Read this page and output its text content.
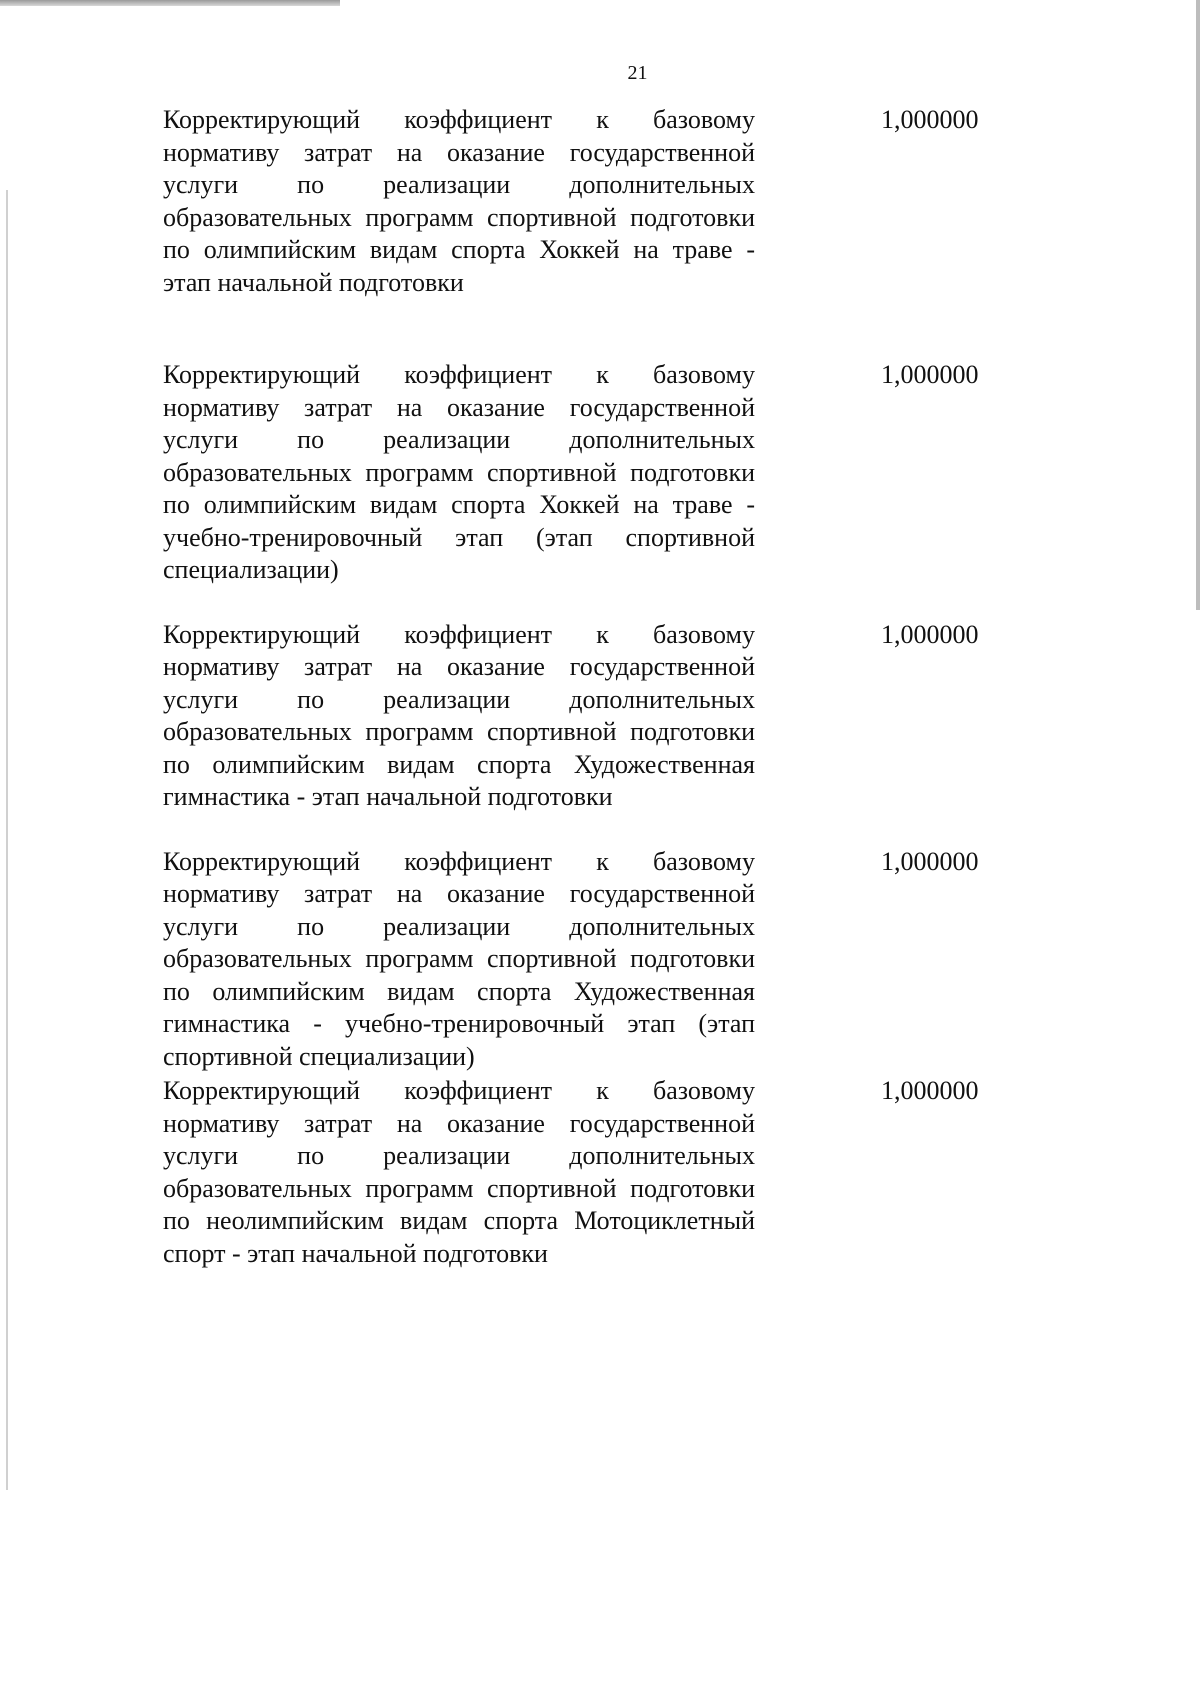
21
Корректирующий коэффициент к базовому нормативу затрат на оказание государственной услуги по реализации дополнительных образовательных программ спортивной подготовки по олимпийским видам спорта Хоккей на траве - этап начальной подготовки
1,000000
Корректирующий коэффициент к базовому нормативу затрат на оказание государственной услуги по реализации дополнительных образовательных программ спортивной подготовки по олимпийским видам спорта Хоккей на траве - учебно-тренировочный этап (этап спортивной специализации)
1,000000
Корректирующий коэффициент к базовому нормативу затрат на оказание государственной услуги по реализации дополнительных образовательных программ спортивной подготовки по олимпийским видам спорта Художественная гимнастика - этап начальной подготовки
1,000000
Корректирующий коэффициент к базовому нормативу затрат на оказание государственной услуги по реализации дополнительных образовательных программ спортивной подготовки по олимпийским видам спорта Художественная гимнастика - учебно-тренировочный этап (этап спортивной специализации)
1,000000
Корректирующий коэффициент к базовому нормативу затрат на оказание государственной услуги по реализации дополнительных образовательных программ спортивной подготовки по неолимпийским видам спорта Мотоциклетный спорт - этап начальной подготовки
1,000000
